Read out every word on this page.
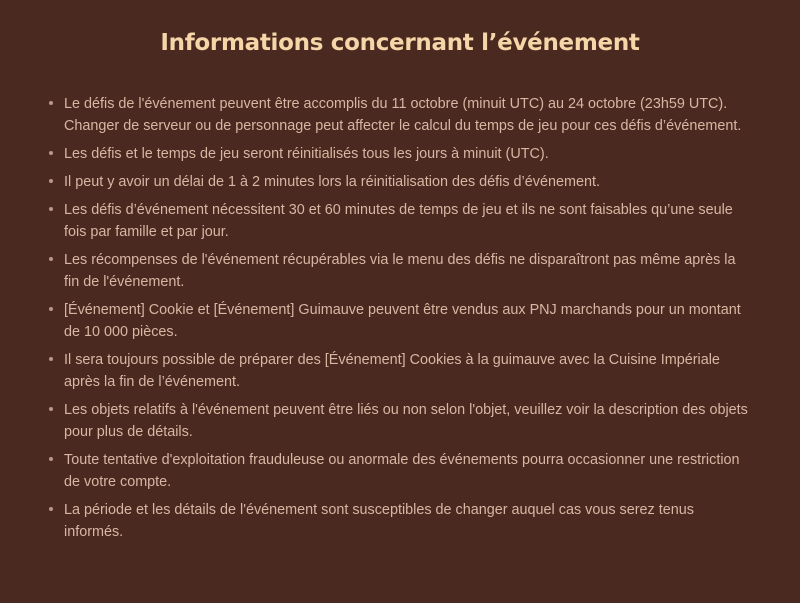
Informations concernant l’événement
Le défis de l'événement peuvent être accomplis du 11 octobre (minuit UTC) au 24 octobre (23h59 UTC). Changer de serveur ou de personnage peut affecter le calcul du temps de jeu pour ces défis d’événement.
Les défis et le temps de jeu seront réinitialisés tous les jours à minuit (UTC).
Il peut y avoir un délai de 1 à 2 minutes lors la réinitialisation des défis d’événement.
Les défis d’événement nécessitent 30 et 60 minutes de temps de jeu et ils ne sont faisables qu’une seule fois par famille et par jour.
Les récompenses de l'événement récupérables via le menu des défis ne disparaîtront pas même après la fin de l'événement.
[Événement] Cookie et [Événement] Guimauve peuvent être vendus aux PNJ marchands pour un montant de 10 000 pièces.
Il sera toujours possible de préparer des [Événement] Cookies à la guimauve avec la Cuisine Impériale après la fin de l’événement.
Les objets relatifs à l'événement peuvent être liés ou non selon l'objet, veuillez voir la description des objets pour plus de détails.
Toute tentative d'exploitation frauduleuse ou anormale des événements pourra occasionner une restriction de votre compte.
La période et les détails de l'événement sont susceptibles de changer auquel cas vous serez tenus informés.
